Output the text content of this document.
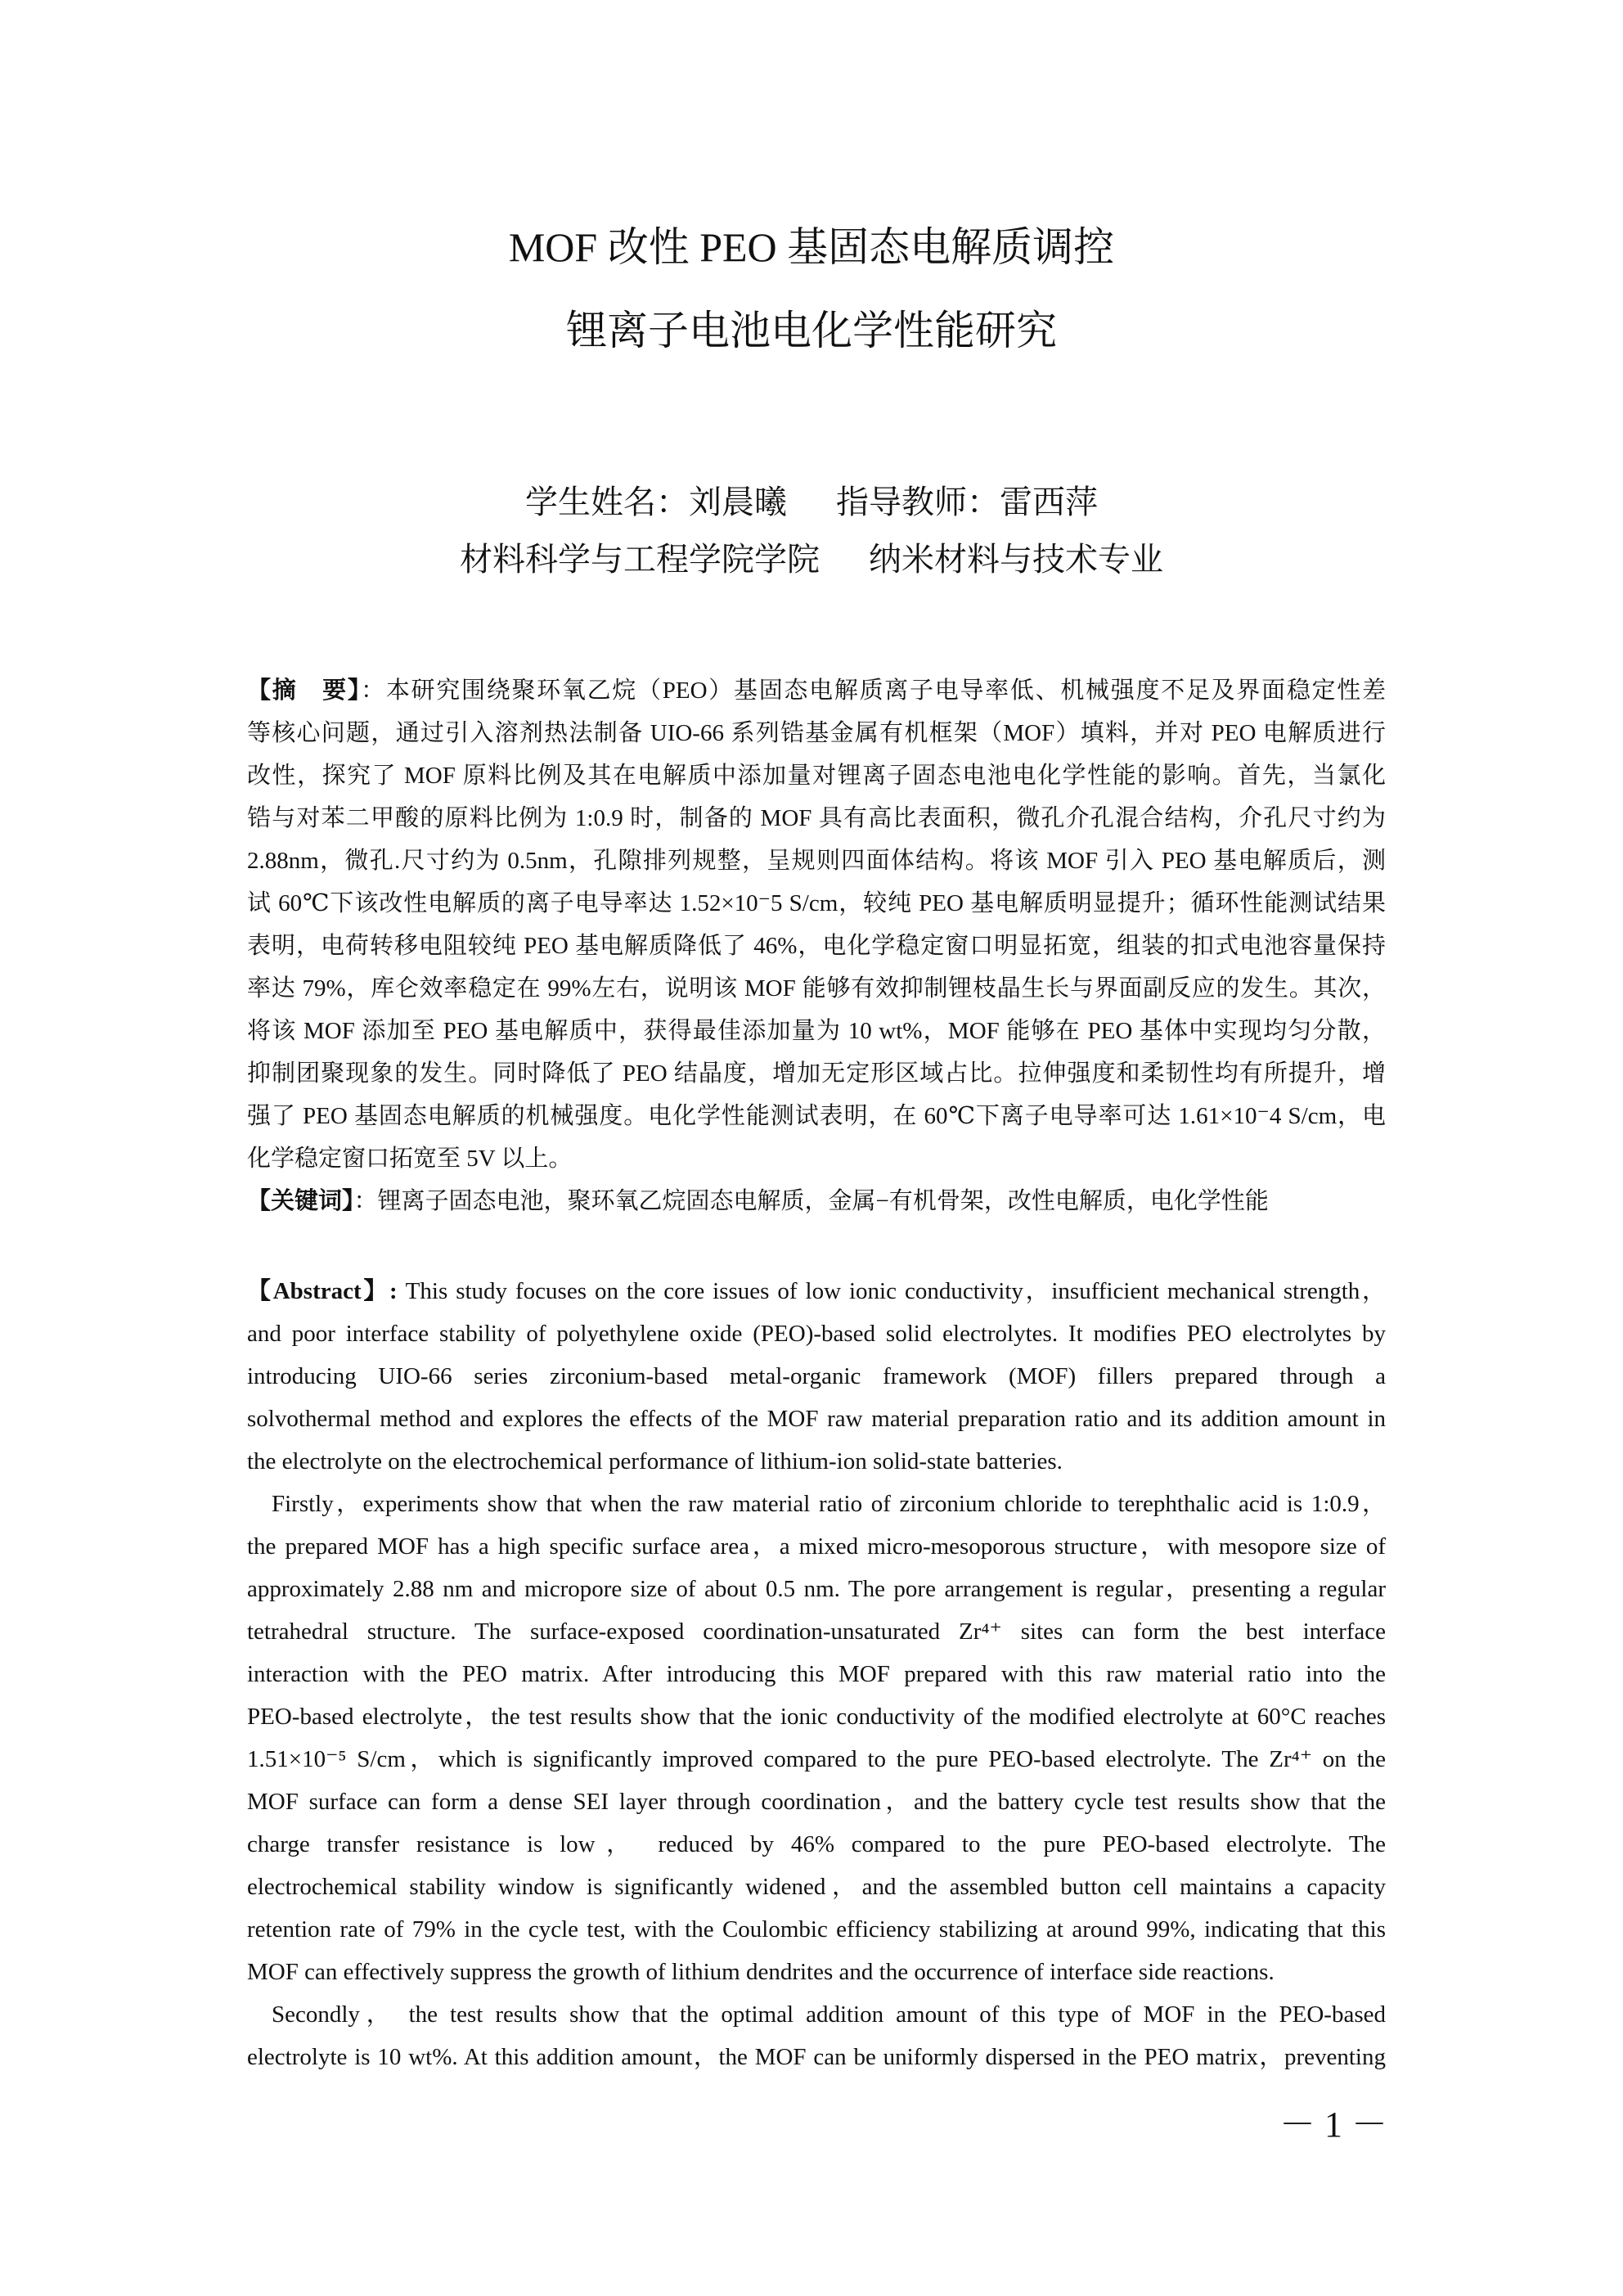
MOF 改性 PEO 基固态电解质调控
锂离子电池电化学性能研究
学生姓名：刘晨曦      指导教师：雷西萍
材料科学与工程学院学院      纳米材料与技术专业
【摘　要】：本研究围绕聚环氧乙烷（PEO）基固态电解质离子电导率低、机械强度不足及界面稳定性差
等核心问题，通过引入溶剂热法制备 UIO-66 系列锆基金属有机框架（MOF）填料，并对 PEO 电解质进行
改性，探究了 MOF 原料比例及其在电解质中添加量对锂离子固态电池电化学性能的影响。首先，当氯化
锆与对苯二甲酸的原料比例为 1:0.9 时，制备的 MOF 具有高比表面积，微孔介孔混合结构，介孔尺寸约为
2.88nm，微孔.尺寸约为 0.5nm，孔隙排列规整，呈规则四面体结构。将该 MOF 引入 PEO 基电解质后，测
试 60℃下该改性电解质的离子电导率达 1.52×10⁻5 S/cm，较纯 PEO 基电解质明显提升；循环性能测试结果
表明，电荷转移电阻较纯 PEO 基电解质降低了 46%，电化学稳定窗口明显拓宽，组装的扣式电池容量保持
率达 79%，库仑效率稳定在 99%左右，说明该 MOF 能够有效抑制锂枝晶生长与界面副反应的发生。其次，
将该 MOF 添加至 PEO 基电解质中，获得最佳添加量为 10 wt%，MOF 能够在 PEO 基体中实现均匀分散，
抑制团聚现象的发生。同时降低了 PEO 结晶度，增加无定形区域占比。拉伸强度和柔韧性均有所提升，增
强了 PEO 基固态电解质的机械强度。电化学性能测试表明，在 60℃下离子电导率可达 1.61×10⁻4 S/cm，电
化学稳定窗口拓宽至 5V 以上。
【关键词】：锂离子固态电池，聚环氧乙烷固态电解质，金属−有机骨架，改性电解质，电化学性能
【Abstract】: This study focuses on the core issues of low ionic conductivity，insufficient mechanical strength，
and poor interface stability of polyethylene oxide (PEO)-based solid electrolytes. It modifies PEO electrolytes by
introducing UIO-66 series zirconium-based metal-organic framework (MOF) fillers prepared through a
solvothermal method and explores the effects of the MOF raw material preparation ratio and its addition amount in
the electrolyte on the electrochemical performance of lithium-ion solid-state batteries.
Firstly，experiments show that when the raw material ratio of zirconium chloride to terephthalic acid is 1:0.9，
the prepared MOF has a high specific surface area，a mixed micro-mesoporous structure，with mesopore size of
approximately 2.88 nm and micropore size of about 0.5 nm. The pore arrangement is regular，presenting a regular
tetrahedral structure. The surface-exposed coordination-unsaturated Zr⁴⁺ sites can form the best interface
interaction with the PEO matrix. After introducing this MOF prepared with this raw material ratio into the
PEO-based electrolyte，the test results show that the ionic conductivity of the modified electrolyte at 60°C reaches
1.51×10⁻⁵ S/cm，which is significantly improved compared to the pure PEO-based electrolyte. The Zr⁴⁺ on the
MOF surface can form a dense SEI layer through coordination，and the battery cycle test results show that the
charge transfer resistance is low， reduced by 46% compared to the pure PEO-based electrolyte. The
electrochemical stability window is significantly widened，and the assembled button cell maintains a capacity
retention rate of 79% in the cycle test, with the Coulombic efficiency stabilizing at around 99%, indicating that this
MOF can effectively suppress the growth of lithium dendrites and the occurrence of interface side reactions.
Secondly， the test results show that the optimal addition amount of this type of MOF in the PEO-based
electrolyte is 10 wt%. At this addition amount，the MOF can be uniformly dispersed in the PEO matrix，preventing
－ 1 －
